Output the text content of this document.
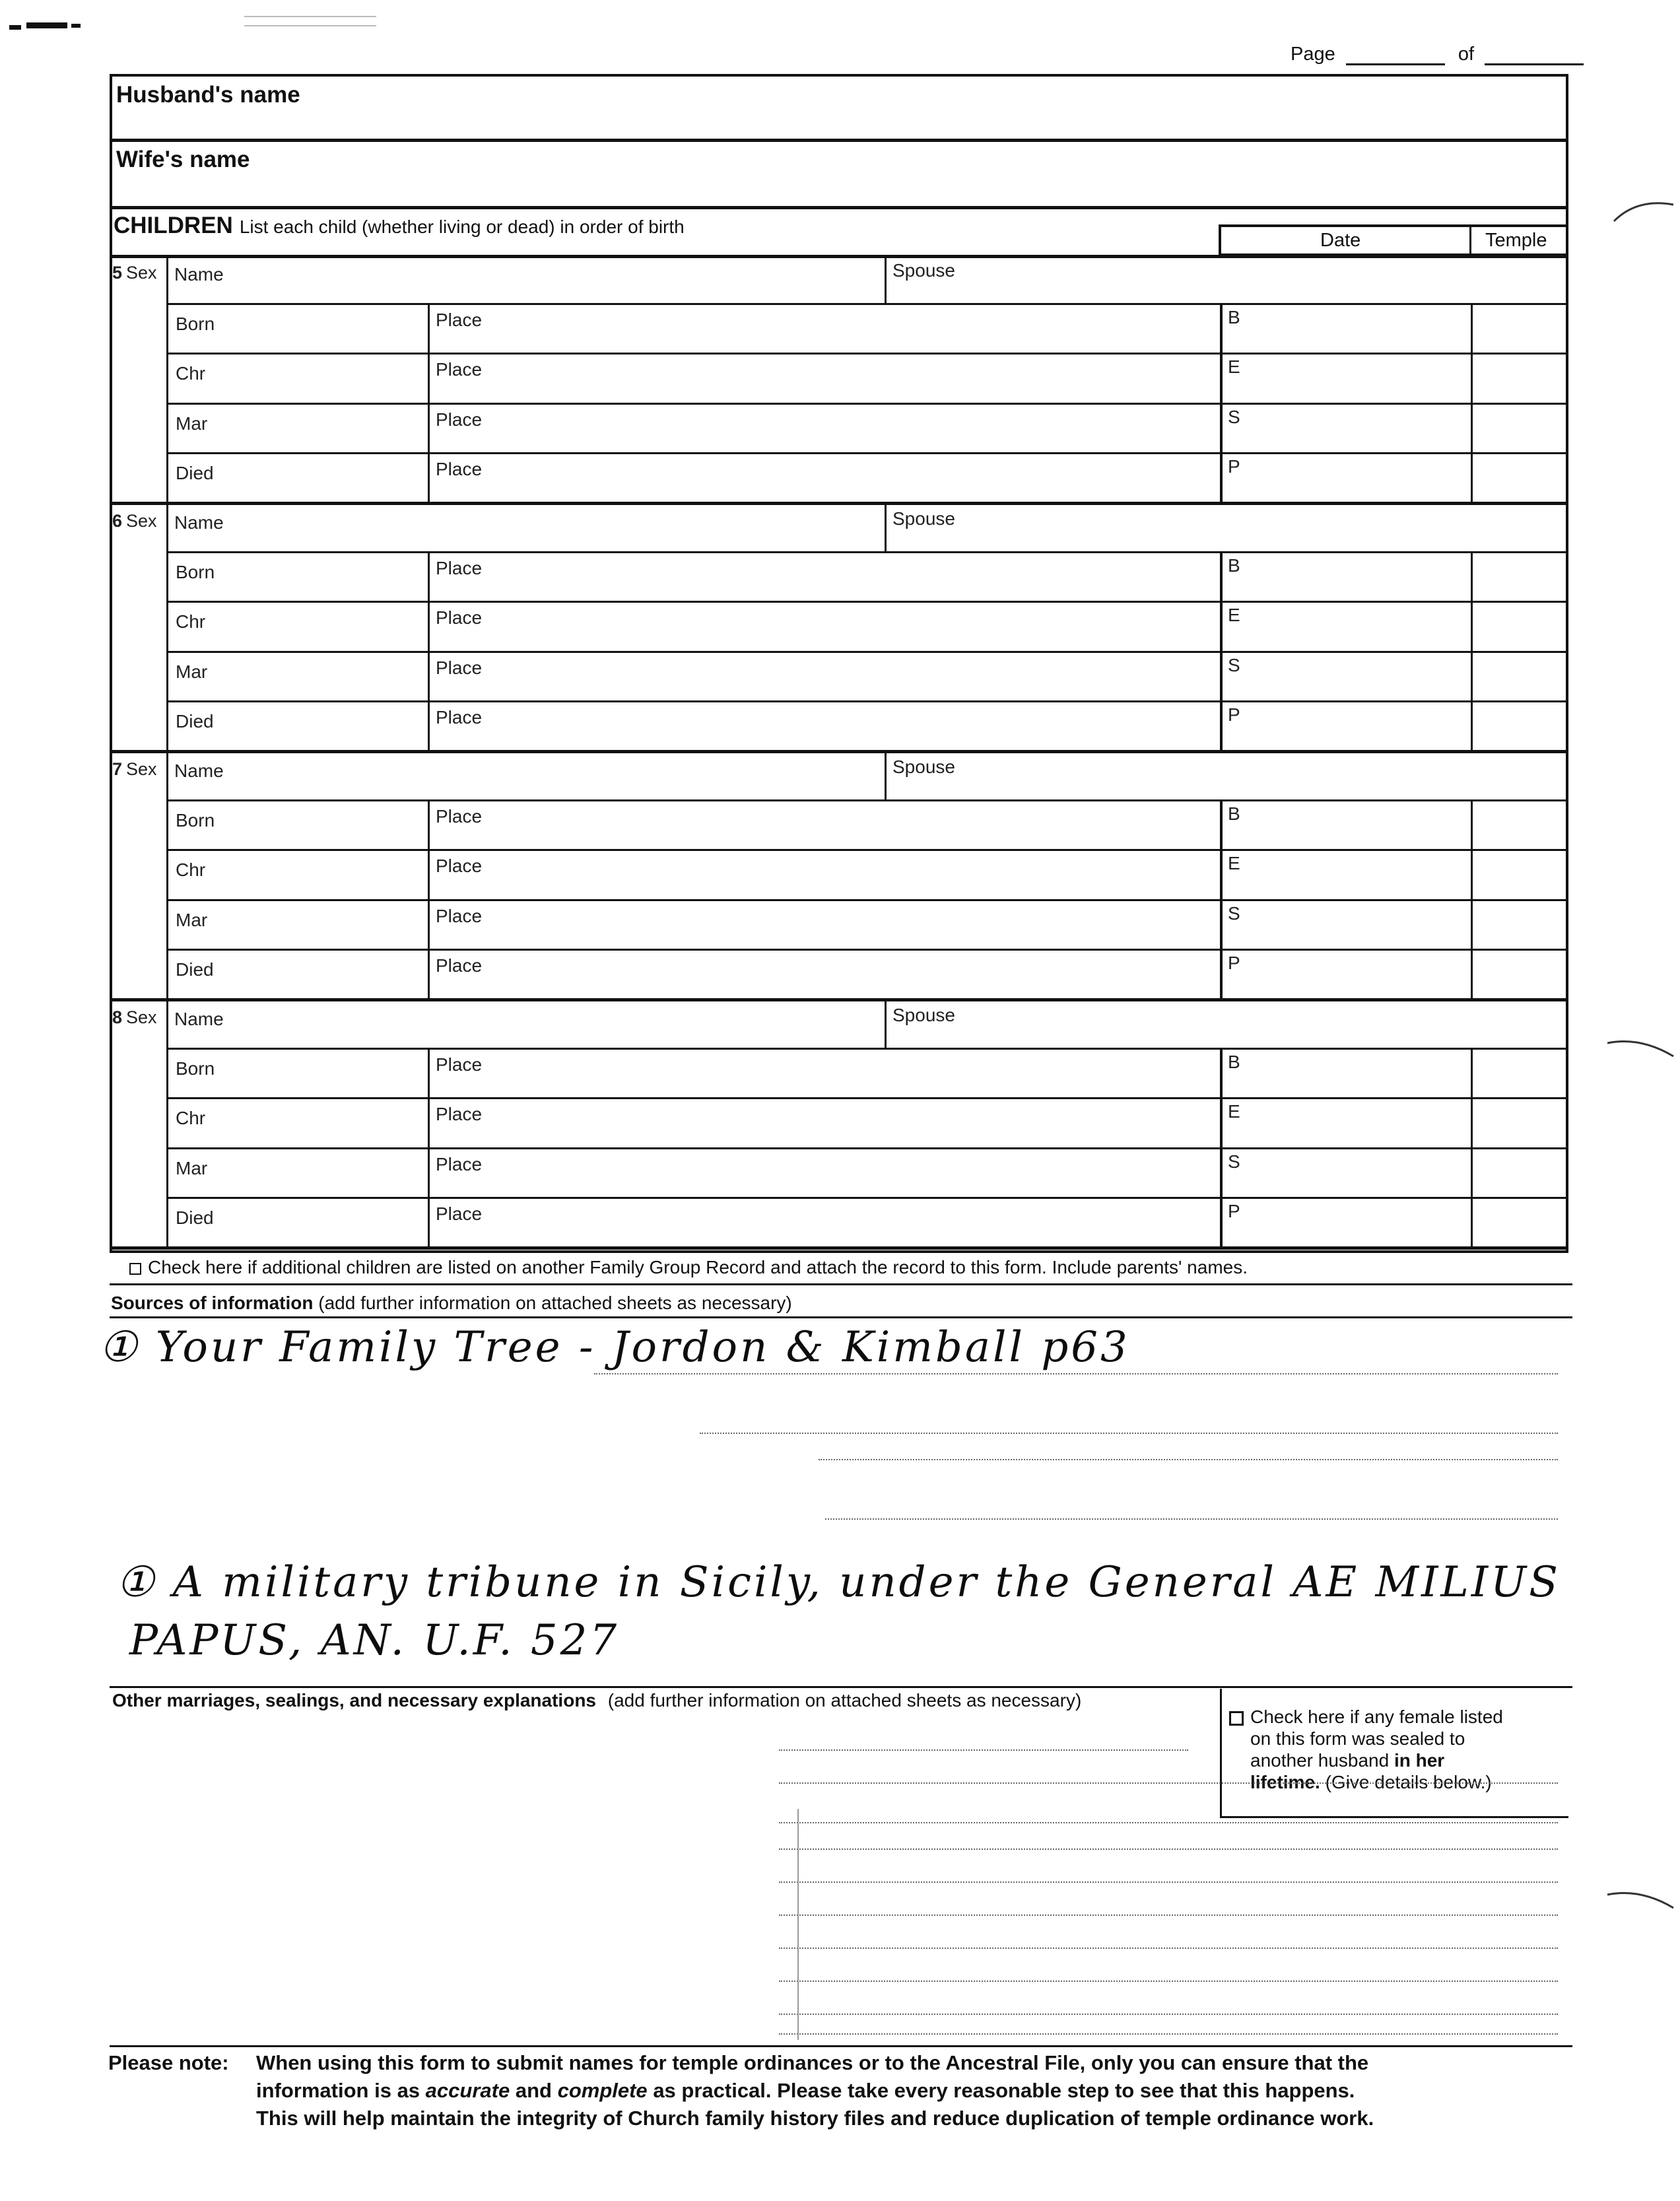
Page	of
Husband's name
Wife's name
CHILDREN List each child (whether living or dead) in order of birth
Date	Temple
5 Sex Name	Spouse
Born	Place	B
Chr	Place	E
Mar	Place	S
Died	Place	P
6 Sex Name	Spouse
Born	Place	B
Chr	Place	E
Mar	Place	S
Died	Place	P
7 Sex Name	Spouse
Born	Place	B
Chr	Place	E
Mar	Place	S
Died	Place	P
8 Sex Name	Spouse
Born	Place	B
Chr	Place	E
Mar	Place	S
Died	Place	P
Check here if additional children are listed on another Family Group Record and attach the record to this form. Include parents' names.
Sources of information (add further information on attached sheets as necessary)
① Your Family Tree - Jordon & Kimball p63
① A military tribune in Sicily, under the General AE MILIUS
PAPUS, AN. U.F. 527
Other marriages, sealings, and necessary explanations (add further information on attached sheets as necessary)
Check here if any female listed
on this form was sealed to
another husband in her
lifetime. (Give details below.)
Please note: When using this form to submit names for temple ordinances or to the Ancestral File, only you can ensure that the
information is as accurate and complete as practical. Please take every reasonable step to see that this happens.
This will help maintain the integrity of Church family history files and reduce duplication of temple ordinance work.
